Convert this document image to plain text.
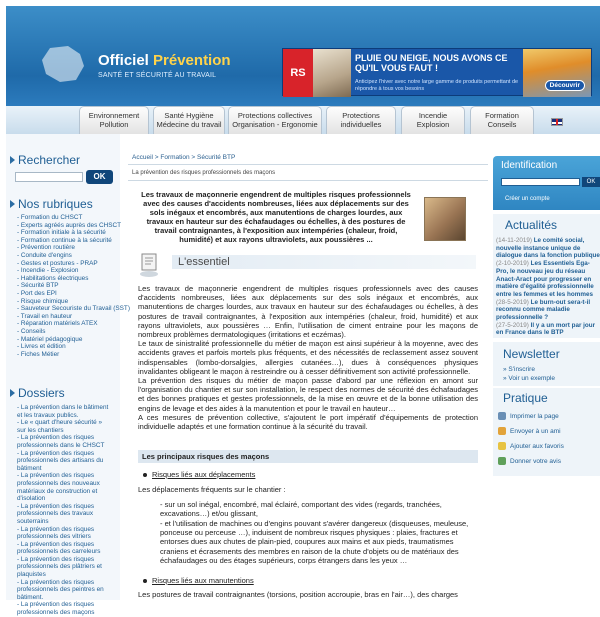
Officiel Prévention
SANTÉ ET SÉCURITÉ AU TRAVAIL	RS
PLUIE OU NEIGE, NOUS AVONS CE QU'IL VOUS FAUT !
Anticipez l'hiver avec notre large gamme de produits permettant de répondre à tous vos besoins	Découvrir
Environnement
Pollution
Santé Hygiène
Médecine du travail
Protections collectives
Organisation - Ergonomie
Protections
individuelles
Incendie
Explosion
Formation
Conseils
Rechercher
OK
Nos rubriques
- Formation du CHSCT
- Experts agréés auprès des CHSCT
- Formation initiale à la sécurité
- Formation continue à la sécurité
- Prévention routière
- Conduite d'engins
- Gestes et postures - PRAP
- Incendie - Explosion
- Habilitations électriques
- Sécurité BTP
- Port des EPI
- Risque chimique
- Sauveteur Secouriste du Travail (SST)
- Travail en hauteur
- Réparation matériels ATEX
- Conseils
- Matériel pédagogique
- Livres et édition
- Fiches Métier
Dossiers
- La prévention dans le bâtiment et les travaux publics.
- Le « quart d'heure sécurité » sur les chantiers
- La prévention des risques professionnels dans le CHSCT
- La prévention des risques professionnels des artisans du bâtiment
- La prévention des risques professionnels des nouveaux matériaux de construction et d'isolation
- La prévention des risques professionnels des travaux souterrains
- La prévention des risques professionnels des vitriers
- La prévention des risques professionnels des carreleurs
- La prévention des risques professionnels des plâtriers et plaquistes
- La prévention des risques professionnels des peintres en bâtiment.
- La prévention des risques professionnels des maçons
Accueil > Formation > Sécurité BTP
La prévention des risques professionnels des maçons
Les travaux de maçonnerie engendrent de multiples risques professionnels avec des causes d'accidents nombreuses, liées aux déplacements sur des sols inégaux et encombrés, aux manutentions de charges lourdes, aux travaux en hauteur sur des échafaudages ou échelles, à des postures de travail contraignantes, à l'exposition aux intempéries (chaleur, froid, humidité) et aux rayons ultraviolets, aux poussières ...
L'essentiel

Les travaux de maçonnerie engendrent de multiples risques professionnels avec des causes d'accidents nombreuses, liées aux déplacements sur des sols inégaux et encombrés, aux manutentions de charges lourdes, aux travaux en hauteur sur des échafaudages ou échelles, à des postures de travail contraignantes, à l'exposition aux intempéries (chaleur, froid, humidité) et aux rayons ultraviolets, aux poussières … Enfin, l'utilisation de ciment entraine pour les maçons de nombreux problèmes dermatologiques (irritations et eczémas).

Le taux de sinistralité professionnelle du métier de maçon est ainsi supérieur à la moyenne, avec des accidents graves et parfois mortels plus fréquents, et des nécessités de reclassement assez souvent indispensables (lombo-dorsalgies, allergies cutanées…), dues à conséquences physiques invalidantes obligeant le maçon à restreindre ou à cesser définitivement son activité professionnelle.

La prévention des risques du métier de maçon passe d'abord par une réflexion en amont sur l'organisation du chantier et sur son installation, le respect des normes de sécurité des échafaudages et des bonnes pratiques et gestes professionnels, de la mise en œuvre et de la bonne utilisation des engins de levage et des aides à la manutention et pour le travail en hauteur…

A ces mesures de prévention collective, s'ajoutent le port impératif d'équipements de protection individuelle adaptés et une formation continue à la sécurité du travail.

Les principaux risques des maçons
Risques liés aux déplacements
Les déplacements fréquents sur le chantier :
- sur un sol inégal, encombré, mal éclairé, comportant des vides (regards, tranchées, excavations…) et/ou glissant,
- et l'utilisation de machines ou d'engins pouvant s'avérer dangereux (disqueuses, meuleuse, ponceuse ou perceuse …), induisent de nombreux risques physiques : plaies, fractures et entorses dues aux chutes de plain-pied, coupures aux mains et aux pieds, traumatismes craniens et écrasements des membres en raison de la chute d'objets ou de matériaux des échafaudages ou des étages supérieurs, corps étrangers dans les yeux …
Risques liés aux manutentions
Les postures de travail contraignantes (torsions, position accroupie, bras en l'air…), des charges
Identification
OK
Créer un compte
Actualités
(14-11-2019) Le comité social, nouvelle instance unique de dialogue dans la fonction publique
(2-10-2019) Les Essentiels Ega-Pro, le nouveau jeu du réseau Anact-Aract pour progresser en matière d'égalité professionnelle entre les femmes et les hommes
(28-5-2019) Le burn-out sera-t-il reconnu comme maladie professionnelle ?
(27-5-2019) Il y a un mort par jour en France dans le BTP
Newsletter
» S'inscrire
» Voir un exemple
Pratique
Imprimer la page
Envoyer à un ami
Ajouter aux favoris
Donner votre avis
